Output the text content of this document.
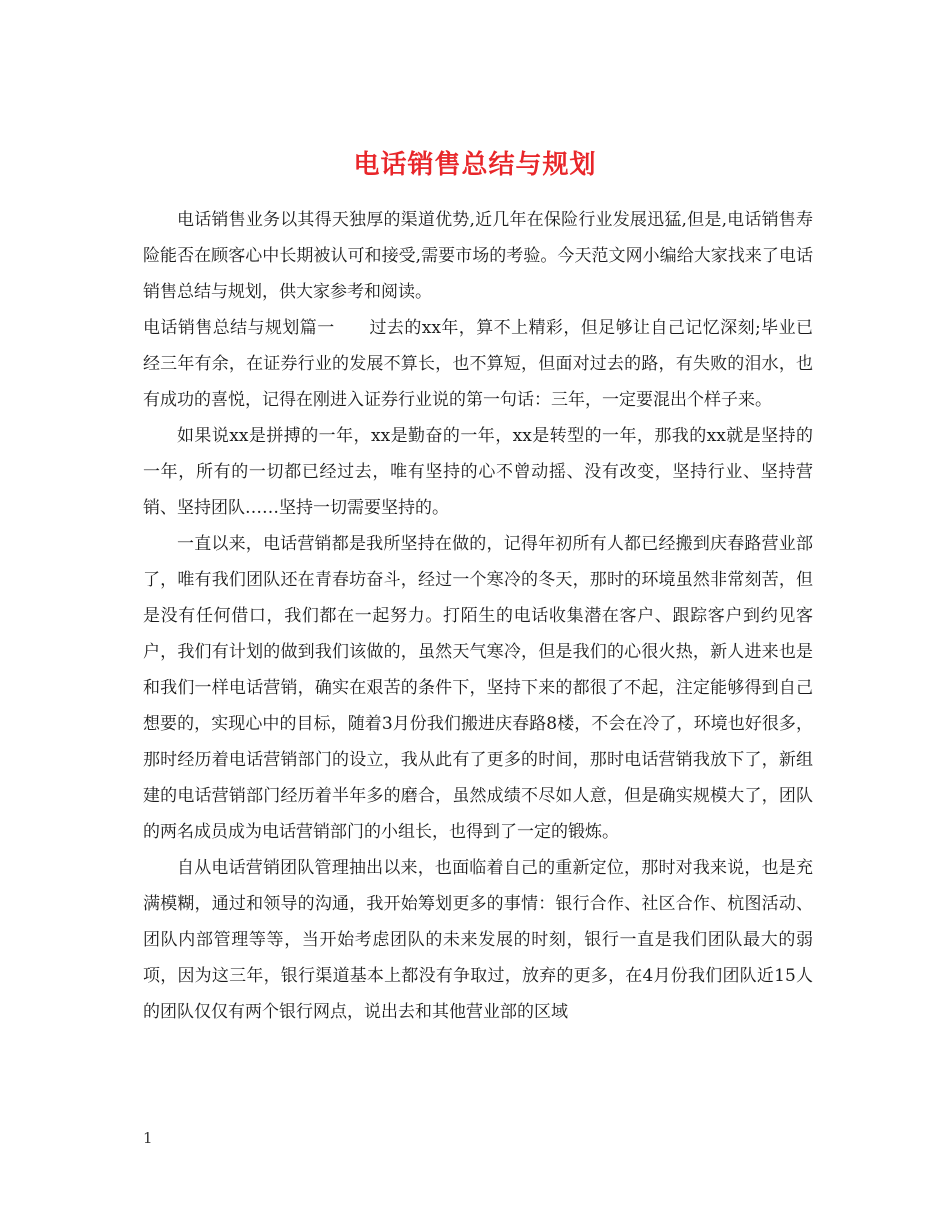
电话销售总结与规划

电话销售业务以其得天独厚的渠道优势,近几年在保险行业发展迅猛,但是,电话销售寿险能否在顾客心中长期被认可和接受,需要市场的考验。今天范文网小编给大家找来了电话销售总结与规划，供大家参考和阅读。

电话销售总结与规划篇一　　过去的xx年，算不上精彩，但足够让自己记忆深刻;毕业已经三年有余，在证券行业的发展不算长，也不算短，但面对过去的路，有失败的泪水，也有成功的喜悦，记得在刚进入证券行业说的第一句话：三年，一定要混出个样子来。

如果说xx是拼搏的一年，xx是勤奋的一年，xx是转型的一年，那我的xx就是坚持的一年，所有的一切都已经过去，唯有坚持的心不曾动摇、没有改变，坚持行业、坚持营销、坚持团队……坚持一切需要坚持的。

一直以来，电话营销都是我所坚持在做的，记得年初所有人都已经搬到庆春路营业部了，唯有我们团队还在青春坊奋斗，经过一个寒冷的冬天，那时的环境虽然非常刻苦，但是没有任何借口，我们都在一起努力。打陌生的电话收集潜在客户、跟踪客户到约见客户，我们有计划的做到我们该做的，虽然天气寒冷，但是我们的心很火热，新人进来也是和我们一样电话营销，确实在艰苦的条件下，坚持下来的都很了不起，注定能够得到自己想要的，实现心中的目标，随着3月份我们搬进庆春路8楼，不会在冷了，环境也好很多，那时经历着电话营销部门的设立，我从此有了更多的时间，那时电话营销我放下了，新组建的电话营销部门经历着半年多的磨合，虽然成绩不尽如人意，但是确实规模大了，团队的两名成员成为电话营销部门的小组长，也得到了一定的锻炼。

自从电话营销团队管理抽出以来，也面临着自己的重新定位，那时对我来说，也是充满模糊，通过和领导的沟通，我开始筹划更多的事情：银行合作、社区合作、杭图活动、团队内部管理等等，当开始考虑团队的未来发展的时刻，银行一直是我们团队最大的弱项，因为这三年，银行渠道基本上都没有争取过，放弃的更多，在4月份我们团队近15人的团队仅仅有两个银行网点，说出去和其他营业部的区域

1
